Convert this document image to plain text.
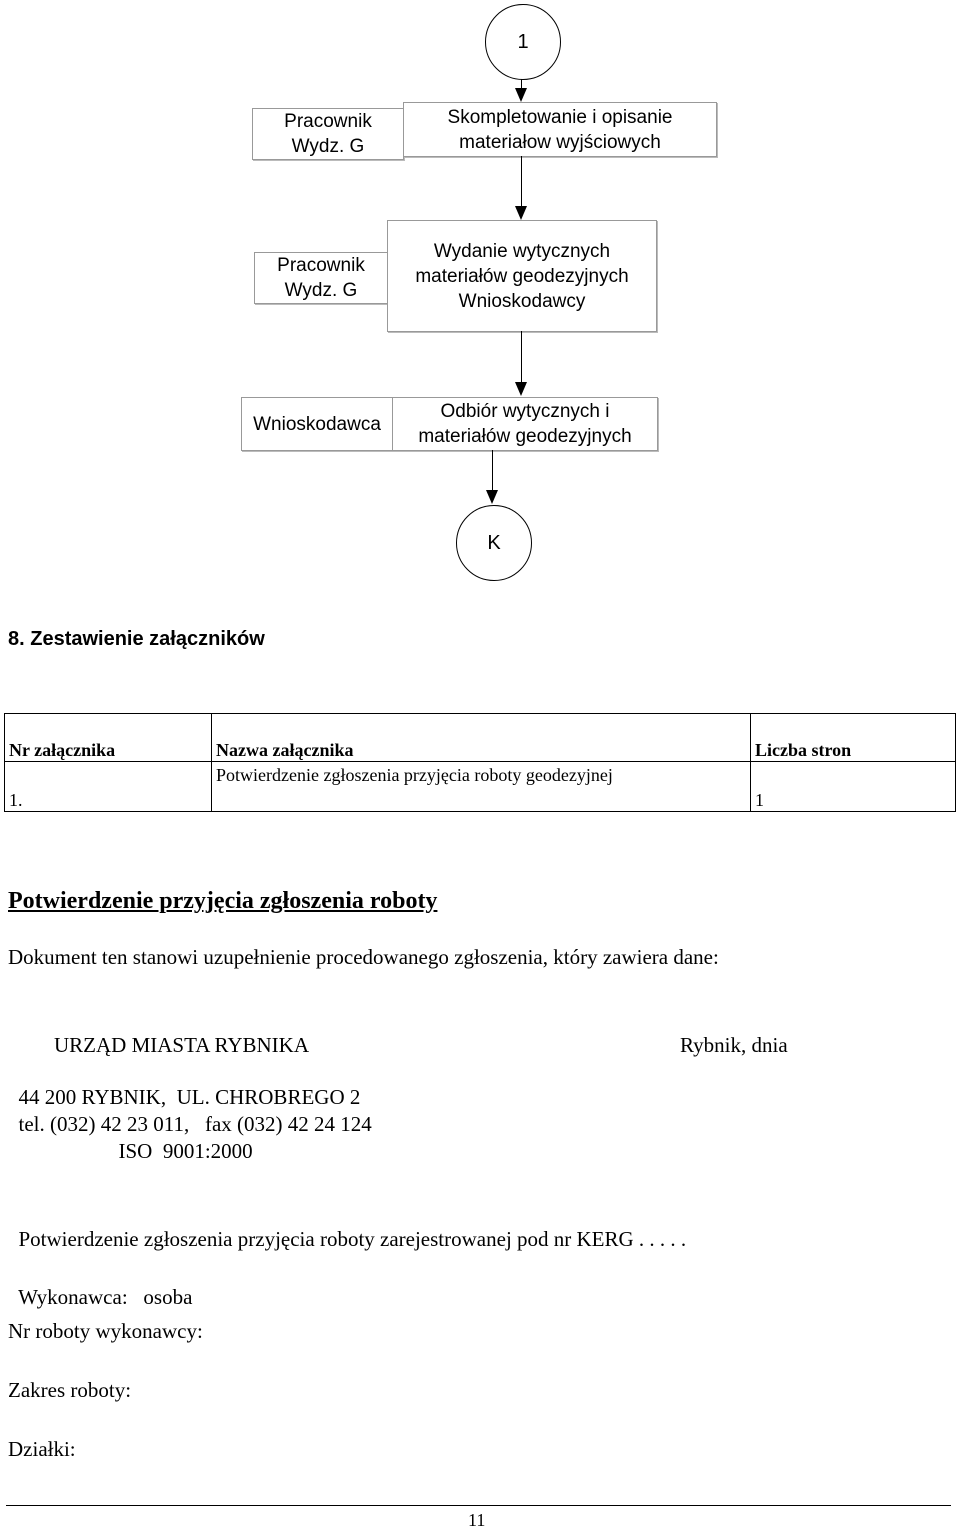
1
Pracownik
Wydz. G
Skompletowanie i opisanie
materiałow wyjściowych
Pracownik
Wydz. G
Wydanie wytycznych
materiałów geodezyjnych
Wnioskodawcy
Wnioskodawca
Odbiór wytycznych i
materiałów geodezyjnych
K
8. Zestawienie załączników
Nr załącznika	Nazwa załącznika	Liczba stron
1.	Potwierdzenie zgłoszenia przyjęcia roboty geodezyjnej	1
Potwierdzenie przyjęcia zgłoszenia roboty
Dokument ten stanowi uzupełnienie procedowanego zgłoszenia, który zawiera dane:
URZĄD MIASTA RYBNIKA	Rybnik, dnia

44 200 RYBNIK,  UL. CHROBREGO 2

tel. (032) 42 23 011,   fax (032) 42 24 124

ISO  9001:2000

Potwierdzenie zgłoszenia przyjęcia roboty zarejestrowanej pod nr KERG . . . . .

Wykonawca:   osoba

Nr roboty wykonawcy:
Zakres roboty:
Działki:
11
